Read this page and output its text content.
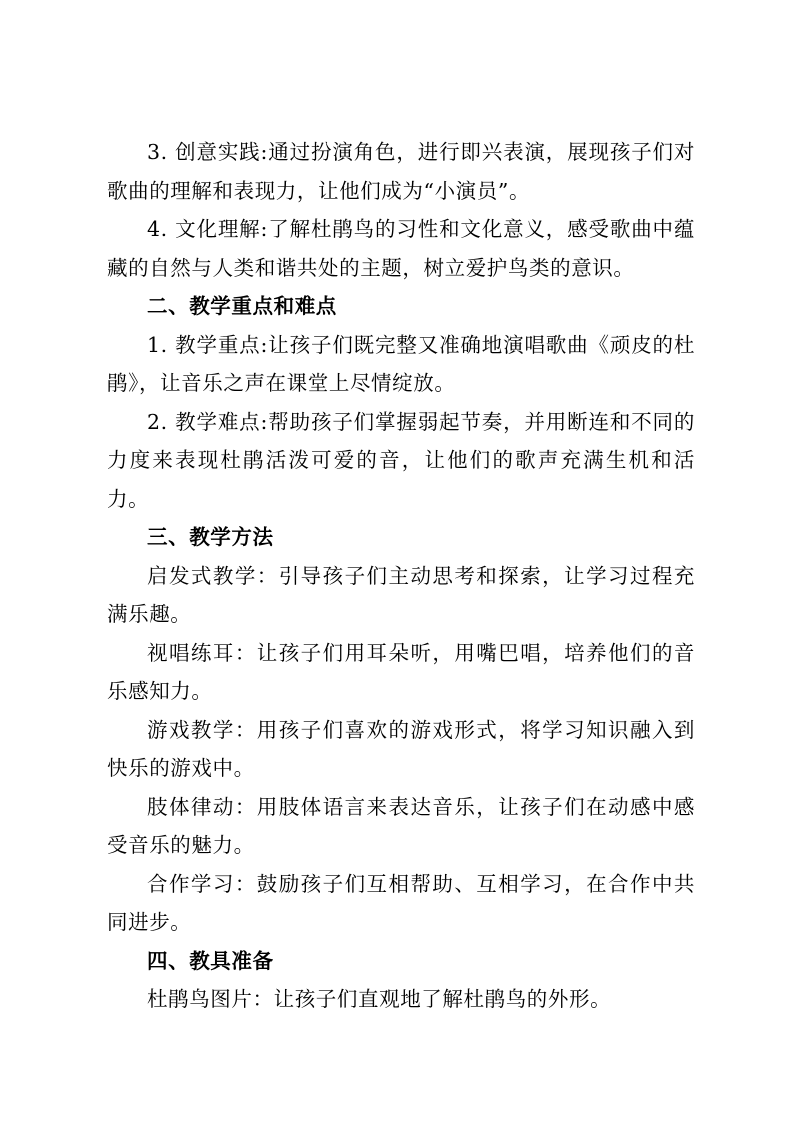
3. 创意实践:通过扮演角色，进行即兴表演，展现孩子们对歌曲的理解和表现力，让他们成为“小演员”。

4. 文化理解:了解杜鹃鸟的习性和文化意义，感受歌曲中蕴藏的自然与人类和谐共处的主题，树立爱护鸟类的意识。

二、教学重点和难点

1. 教学重点:让孩子们既完整又准确地演唱歌曲《顽皮的杜鹃》，让音乐之声在课堂上尽情绽放。

2. 教学难点:帮助孩子们掌握弱起节奏，并用断连和不同的力度来表现杜鹃活泼可爱的音，让他们的歌声充满生机和活力。

三、教学方法

启发式教学：引导孩子们主动思考和探索，让学习过程充满乐趣。

视唱练耳：让孩子们用耳朵听，用嘴巴唱，培养他们的音乐感知力。

游戏教学：用孩子们喜欢的游戏形式，将学习知识融入到快乐的游戏中。

肢体律动：用肢体语言来表达音乐，让孩子们在动感中感受音乐的魅力。

合作学习：鼓励孩子们互相帮助、互相学习，在合作中共同进步。

四、教具准备

杜鹃鸟图片：让孩子们直观地了解杜鹃鸟的外形。
